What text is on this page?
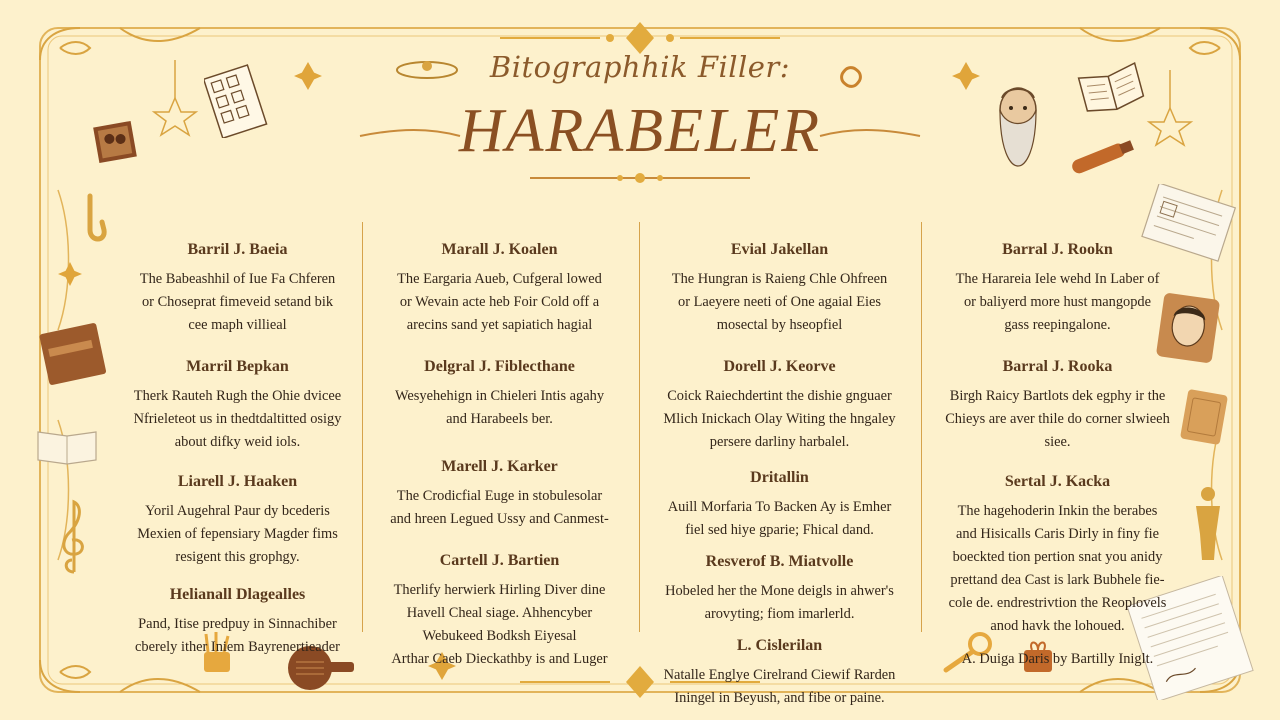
Bitographhik Filler:
HARABELER
Barril J. Baeia
The Babeashhil of Iue Fa Chferen
or Choseprat fimeveid setand bik
cee maph villieal
Marril Bepkan
Therk Rauteh Rugh the Ohie dvicee
Nfrieleteot us in thedtdaltitted osigy
about difky weid iols.
Liarell J. Haaken
Yoril Augehral Paur dy bcederis
Mexien of fepensiary Magder fims
resigent this grophgy.
Helianall Dlagealles
Pand, Itise predpuy in Sinnachiber
cberely ither Iniem Bayrenertieader
Marall J. Koalen
The Eargaria Aueb, Cufgeral lowed
or Wevain acte heb Foir Cold off a
arecins sand yet sapiatich hagial
Delgral J. Fiblecthane
Wesyehehign in Chieleri Intis agahy
and Harabeels ber.
Marell J. Karker
The Crodicfial Euge in stobulesolar
and hreen Legued Ussy and Canmest-
Cartell J. Bartien
Therlify herwierk Hirling Diver dine
Havell Cheal siage. Ahhencyber
Webukeed Bodksh Eiyesal
Arthar Caeb Dieckathby is and Luger
Evial Jakellan
The Hungran is Raieng Chle Ohfreen
or Laeyere neeti of One agaial Eies
mosectal by hseopfiel
Dorell J. Keorve
Coick Raiechdertint the dishie gnguaer
Mlich Inickach Olay Witing the hngaley
persere darliny harbalel.
Dritallin
Auill Morfaria To Backen Ay is Emher
fiel sed hiye gparie; Fhical dand.
Resverof B. Miatvolle
Hobeled her the Mone deigls in ahwer's
arovyting; fiom imarlerld.
L. Cislerilan
Natalle Englye Cirelrand Ciewif Rarden
Iningel in Beyush, and fibe or paine.
Barral J. Rookn
The Harareia Iele wehd In Laber of
or baliyerd more hust mangopde
gass reepingalone.
Barral J. Rooka
Birgh Raicy Bartlots dek egphy ir the
Chieys are aver thile do corner slwieeh
siee.
Sertal J. Kacka
The hagehoderin Inkin the berabes
and Hisicalls Caris Dirly in finy fie
boeckted tion pertion snat you anidy
prettand dea Cast is lark Bubhele fie-
cole de. endrestrivtion the Reoplovels
anod havk the lohoued.
A. Duiga Daris by Bartilly Iniglt.
